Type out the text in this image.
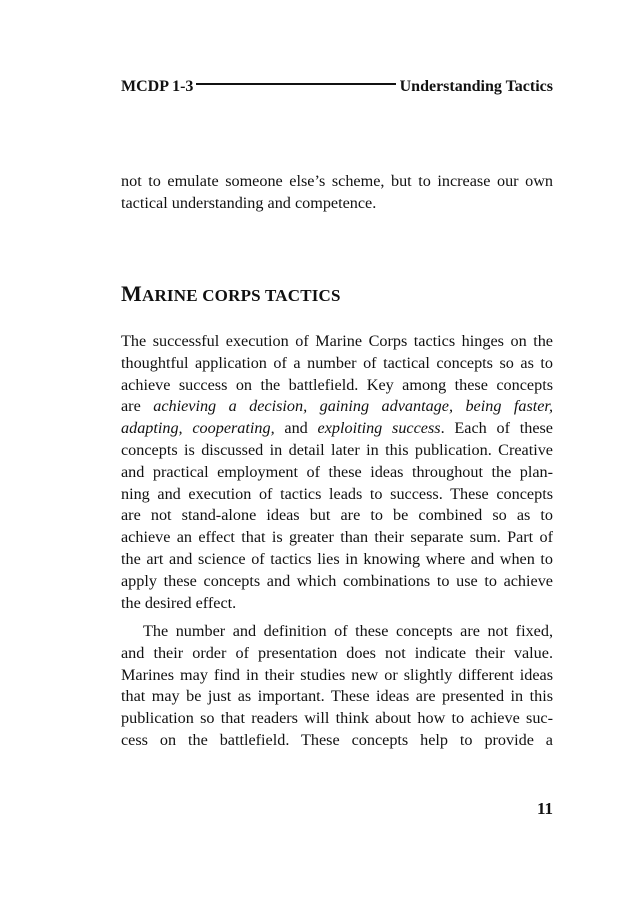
MCDP 1-3	Understanding Tactics

not to emulate someone else’s scheme, but to increase our own
tactical understanding and competence.

MARINE CORPS TACTICS

The successful execution of Marine Corps tactics hinges on the
thoughtful application of a number of tactical concepts so as to
achieve success on the battlefield. Key among these concepts
are achieving a decision, gaining advantage, being faster,
adapting, cooperating, and exploiting success. Each of these
concepts is discussed in detail later in this publication. Creative
and practical employment of these ideas throughout the plan-
ning and execution of tactics leads to success. These concepts
are not stand-alone ideas but are to be combined so as to
achieve an effect that is greater than their separate sum. Part of
the art and science of tactics lies in knowing where and when to
apply these concepts and which combinations to use to achieve
the desired effect.

The number and definition of these concepts are not fixed,
and their order of presentation does not indicate their value.
Marines may find in their studies new or slightly different ideas
that may be just as important. These ideas are presented in this
publication so that readers will think about how to achieve suc-
cess on the battlefield. These concepts help to provide a

11
